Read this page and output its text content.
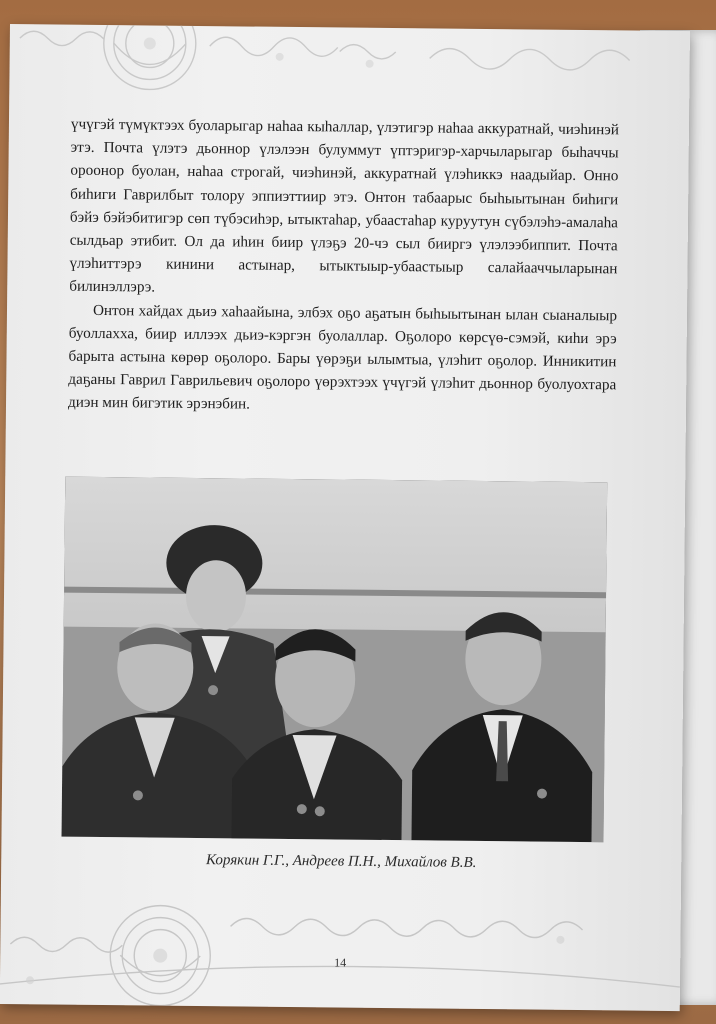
үчүгэй түмүктээх буоларыгар наһаа кыһаллар, үлэтигэр наһаа аккуратнай, чиэһинэй этэ. Почта үлэтэ дьоннор үлэлээн булуммут үптэригэр-харчыларыгар быһаччы ороонор буолан, наһаа строгай, чиэһинэй, аккуратнай үлэһиккэ наадыйар. Онно биһиги Гаврилбыт толору эппиэттиир этэ. Онтон табаарыс быһыытынан биһиги бэйэ бэйэбитигэр сөп түбэсиһэр, ытыктаһар, убаастаһар куруутун сүбэлэһэ-амалаһа сылдьар этибит. Ол да иһин биир үлэҕэ 20-чэ сыл бииргэ үлэлээбиппит. Почта үлэһиттэрэ кинини астынар, ытыктыыр-убаастыыр салайааччыларынан билинэллэрэ.

Онтон хайдах дьиэ хаһаайына, элбэх оҕо аҕатын быһыытынан ылан сыаналыыр буоллахха, биир иллээх дьиэ-кэргэн буолаллар. Оҕолоро көрсүө-сэмэй, киһи эрэ барыта астына көрөр оҕолоро. Бары үөрэҕи ылымтыа, үлэһит оҕолор. Инникитин даҕаны Гаврил Гаврильевич оҕолоро үөрэхтээх үчүгэй үлэһит дьоннор буолуохтара диэн мин бигэтик эрэнэбин.

Корякин Г.Г., Андреев П.Н., Михайлов В.В.
14
